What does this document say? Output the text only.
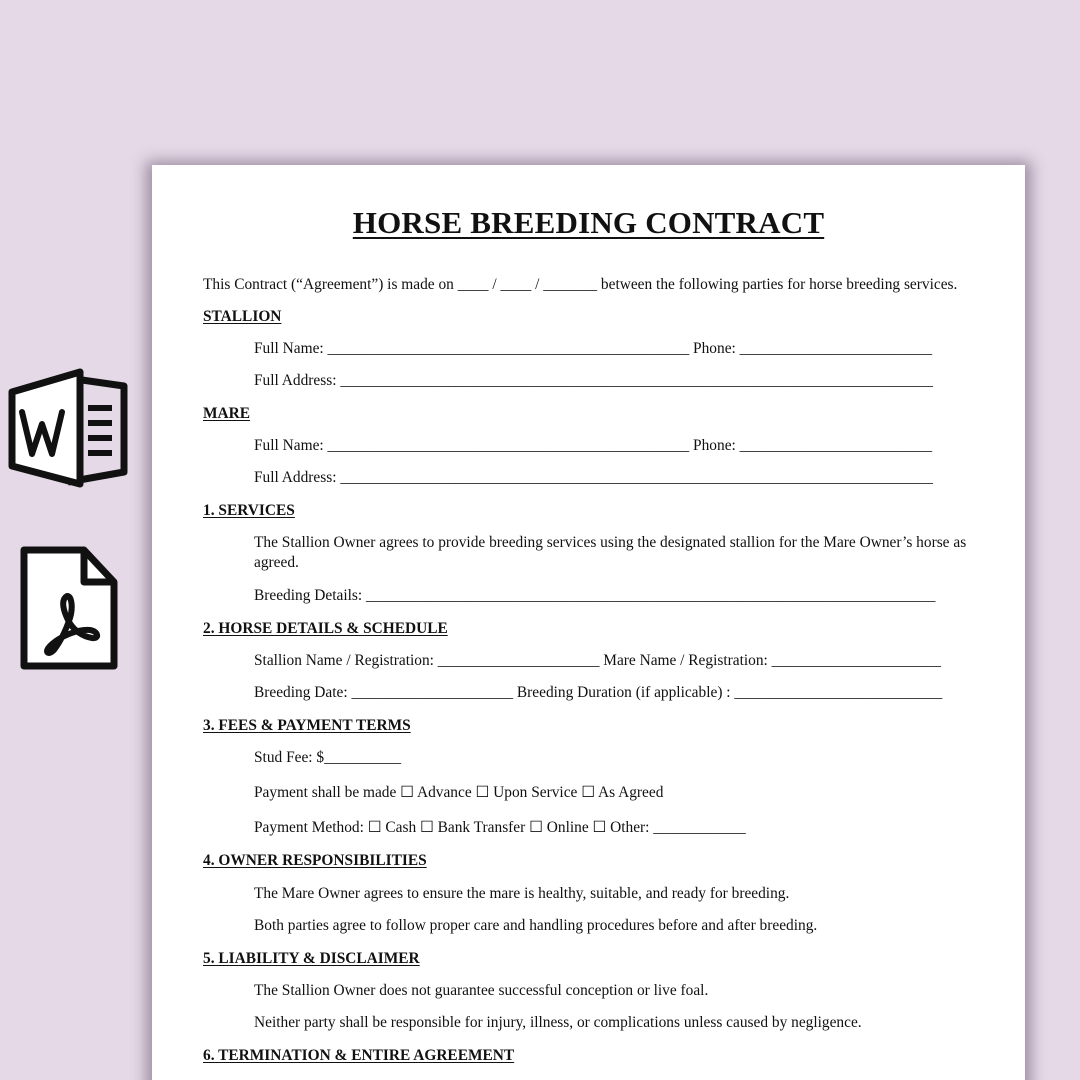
HORSE BREEDING CONTRACT
This Contract (“Agreement”) is made on ____ / ____ / _______ between the following parties for horse breeding services.
STALLION
Full Name: _______________________________________________ Phone: _________________________
Full Address: _____________________________________________________________________________
MARE
Full Name: _______________________________________________ Phone: _________________________
Full Address: _____________________________________________________________________________
1. SERVICES
The Stallion Owner agrees to provide breeding services using the designated stallion for the Mare Owner’s horse as agreed.
Breeding Details: __________________________________________________________________________
2. HORSE DETAILS & SCHEDULE
Stallion Name / Registration: _____________________ Mare Name / Registration: ______________________
Breeding Date: _____________________ Breeding Duration (if applicable) : ___________________________
3. FEES & PAYMENT TERMS
Stud Fee: $__________
Payment shall be made ☐ Advance ☐ Upon Service ☐ As Agreed
Payment Method: ☐ Cash ☐ Bank Transfer ☐ Online ☐ Other: ____________
4. OWNER RESPONSIBILITIES
The Mare Owner agrees to ensure the mare is healthy, suitable, and ready for breeding.
Both parties agree to follow proper care and handling procedures before and after breeding.
5. LIABILITY & DISCLAIMER
The Stallion Owner does not guarantee successful conception or live foal.
Neither party shall be responsible for injury, illness, or complications unless caused by negligence.
6. TERMINATION & ENTIRE AGREEMENT
